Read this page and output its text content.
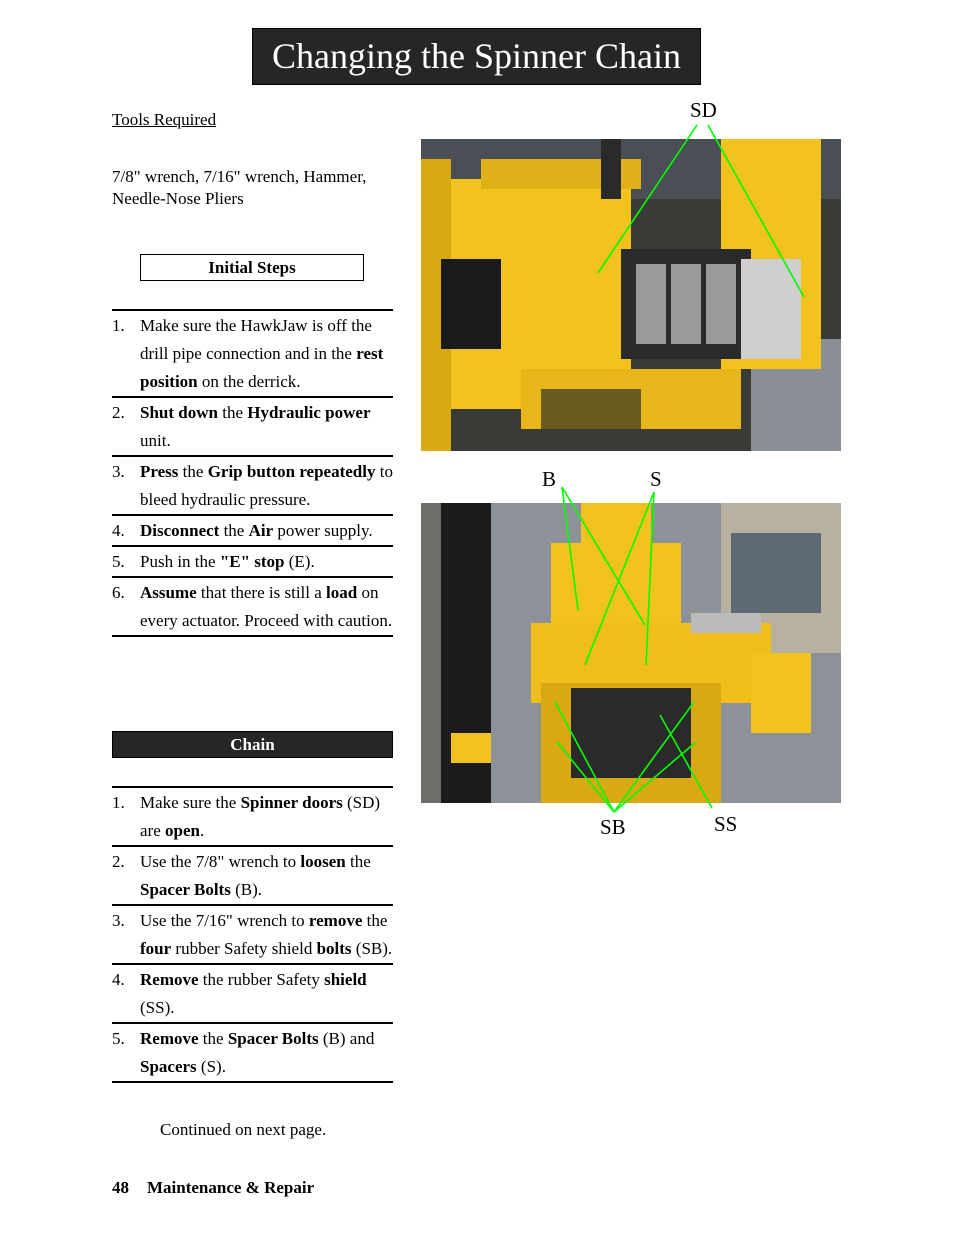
Changing the Spinner Chain
Tools Required
7/8" wrench, 7/16" wrench, Hammer, Needle-Nose Pliers
Initial Steps
1. Make sure the HawkJaw is off the drill pipe connection and in the rest position on the derrick.
2. Shut down the Hydraulic power unit.
3. Press the Grip button repeatedly to bleed hydraulic pressure.
4. Disconnect the Air power supply.
5. Push in the "E" stop (E).
6. Assume that there is still a load on every actuator. Proceed with caution.
Chain
1. Make sure the Spinner doors (SD) are open.
2. Use the 7/8" wrench to loosen the Spacer Bolts (B).
3. Use the 7/16" wrench to remove the four rubber Safety shield bolts (SB).
4. Remove the rubber Safety shield (SS).
5. Remove the Spacer Bolts (B) and Spacers (S).
Continued on next page.
48 Maintenance & Repair
SD
B	S
SB	SS
